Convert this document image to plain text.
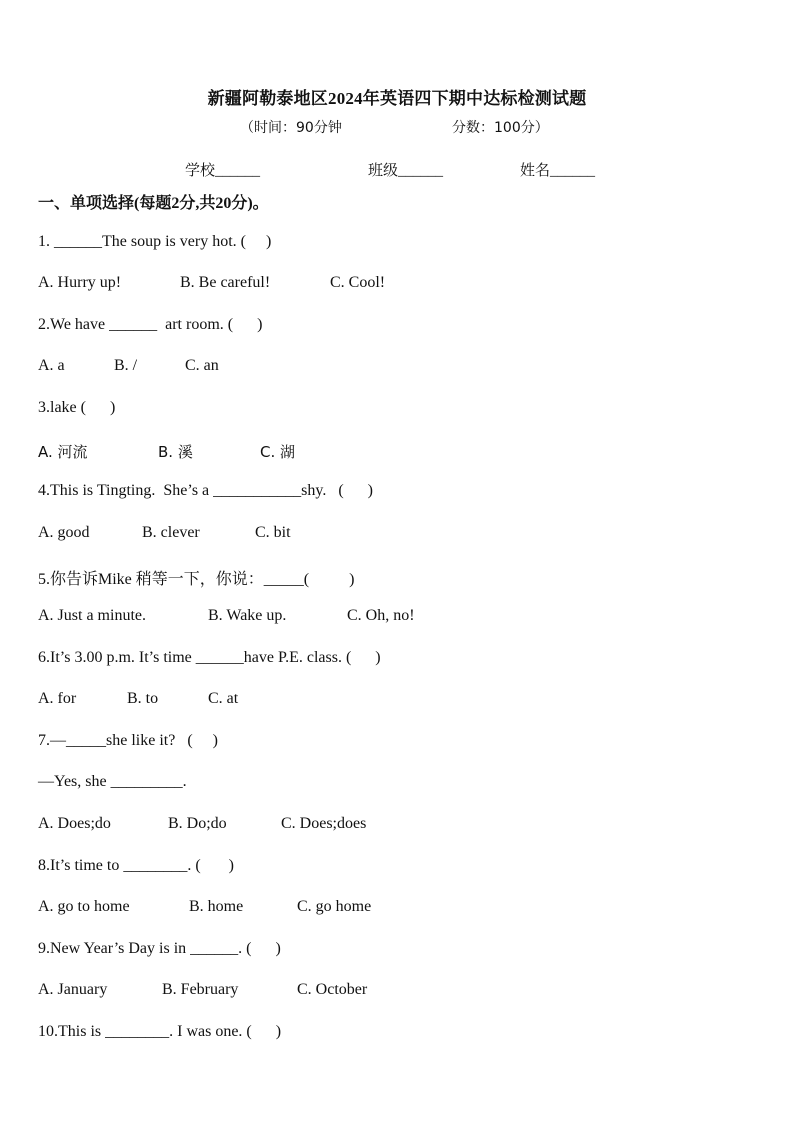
新疆阿勒泰地区2024年英语四下期中达标检测试题
（时间：90分钟	分数：100分）
学校______	班级______	姓名______
一、单项选择(每题2分,共20分)。
1. ______The soup is very hot. (     )

A. Hurry up!

	B. Be careful!

	C. Cool!

2.We have ______  art room. (      )

A. a

	B. /

	C. an

3.lake (      )

A. 河流

	B. 溪

	C. 湖

4.This is Tingting.  She’s a ___________shy.   (      )

A. good

	B. clever

	C. bit

5.你告诉Mike 稍等一下，你说：_____(          )

A. Just a minute.

	B. Wake up.

	C. Oh, no!

6.It’s 3.00 p.m. It’s time ______have P.E. class. (      )

A. for

	B. to

	C. at

7.—_____she like it?   (     )
—Yes, she _________.

A. Does;do

	B. Do;do

	C. Does;does

8.It’s time to ________. (       )

A. go to home

	B. home

	C. go home

9.New Year’s Day is in ______. (      )

A. January

	B. February

	C. October

10.This is ________. I was one. (      )
